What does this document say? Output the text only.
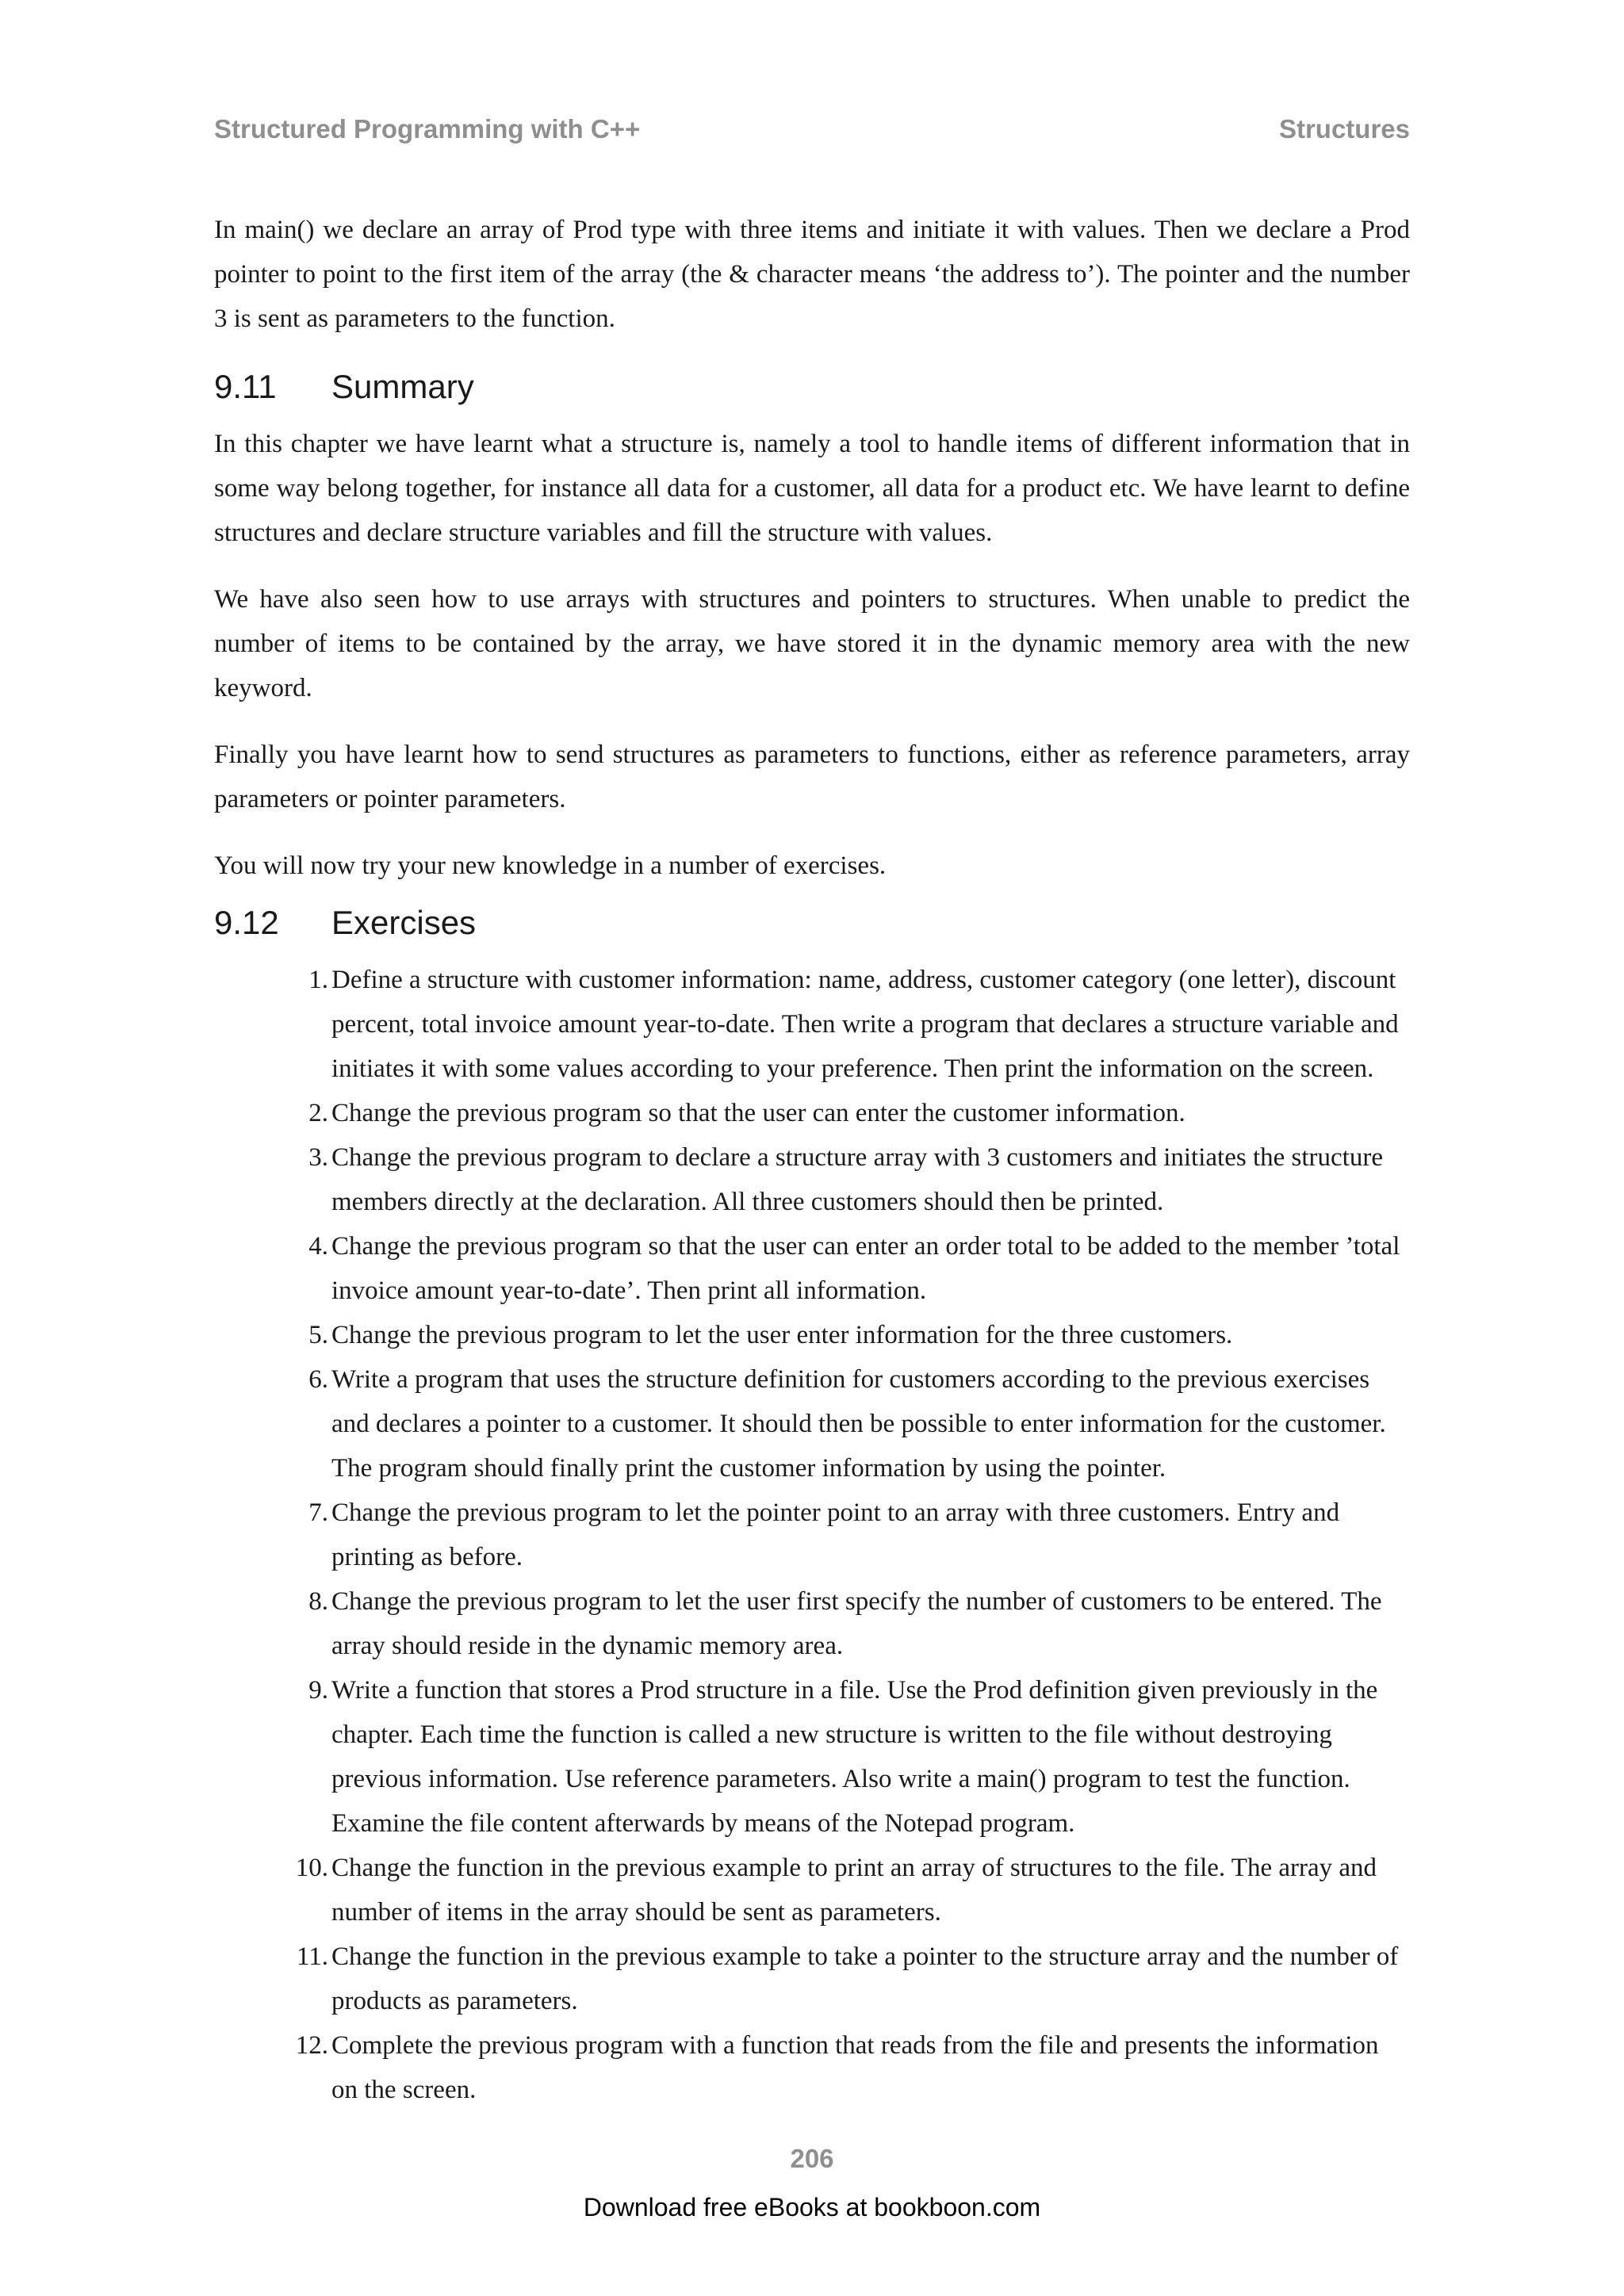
Structured Programming with C++	Structures

In main() we declare an array of Prod type with three items and initiate it with values. Then we declare a Prod pointer to point to the first item of the array (the & character means ‘the address to’). The pointer and the number 3 is sent as parameters to the function.

9.11	Summary

In this chapter we have learnt what a structure is, namely a tool to handle items of different information that in some way belong together, for instance all data for a customer, all data for a product etc. We have learnt to define structures and declare structure variables and fill the structure with values.

We have also seen how to use arrays with structures and pointers to structures. When unable to predict the number of items to be contained by the array, we have stored it in the dynamic memory area with the new keyword.

Finally you have learnt how to send structures as parameters to functions, either as reference parameters, array parameters or pointer parameters.

You will now try your new knowledge in a number of exercises.

9.12	Exercises
1. Define a structure with customer information: name, address, customer category (one letter), discount percent, total invoice amount year-to-date. Then write a program that declares a structure variable and initiates it with some values according to your preference. Then print the information on the screen.
2. Change the previous program so that the user can enter the customer information.
3. Change the previous program to declare a structure array with 3 customers and initiates the structure members directly at the declaration. All three customers should then be printed.
4. Change the previous program so that the user can enter an order total to be added to the member ’total invoice amount year-to-date’. Then print all information.
5. Change the previous program to let the user enter information for the three customers.
6. Write a program that uses the structure definition for customers according to the previous exercises and declares a pointer to a customer. It should then be possible to enter information for the customer. The program should finally print the customer information by using the pointer.
7. Change the previous program to let the pointer point to an array with three customers. Entry and printing as before.
8. Change the previous program to let the user first specify the number of customers to be entered. The array should reside in the dynamic memory area.
9. Write a function that stores a Prod structure in a file. Use the Prod definition given previously in the chapter. Each time the function is called a new structure is written to the file without destroying previous information. Use reference parameters. Also write a main() program to test the function. Examine the file content afterwards by means of the Notepad program.
10. Change the function in the previous example to print an array of structures to the file. The array and number of items in the array should be sent as parameters.
11. Change the function in the previous example to take a pointer to the structure array and the number of products as parameters.
12. Complete the previous program with a function that reads from the file and presents the information on the screen.
206
Download free eBooks at bookboon.com
